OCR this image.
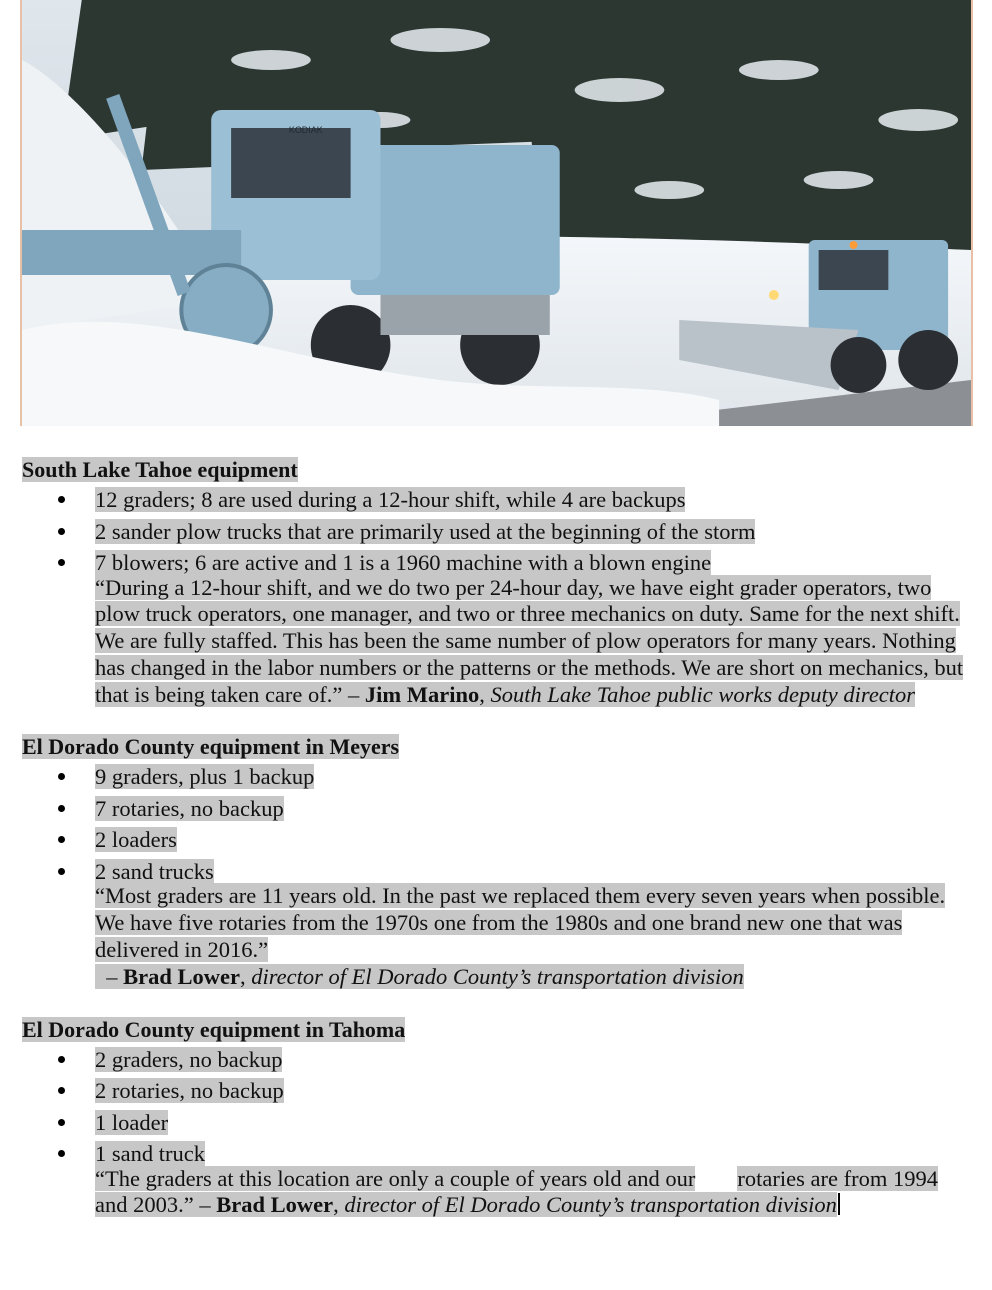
KODIAK
South Lake Tahoe equipment
12 graders; 8 are used during a 12-hour shift, while 4 are backups
2 sander plow trucks that are primarily used at the beginning of the storm
7 blowers; 6 are active and 1 is a 1960 machine with a blown engine
“During a 12-hour shift, and we do two per 24-hour day, we have eight grader operators, two plow truck operators, one manager, and two or three mechanics on duty. Same for the next shift. We are fully staffed. This has been the same number of plow operators for many years. Nothing has changed in the labor numbers or the patterns or the methods. We are short on mechanics, but that is being taken care of.” – Jim Marino, South Lake Tahoe public works deputy director
El Dorado County equipment in Meyers
9 graders, plus 1 backup
7 rotaries, no backup
2 loaders
2 sand trucks
“Most graders are 11 years old. In the past we replaced them every seven years when possible. We have five rotaries from the 1970s one from the 1980s and one brand new one that was delivered in 2016.”
– Brad Lower, director of El Dorado County’s transportation division
El Dorado County equipment in Tahoma
2 graders, no backup
2 rotaries, no backup
1 loader
1 sand truck
“The graders at this location are only a couple of years old and our rotaries are from 1994 and 2003.” – Brad Lower, director of El Dorado County’s transportation division
